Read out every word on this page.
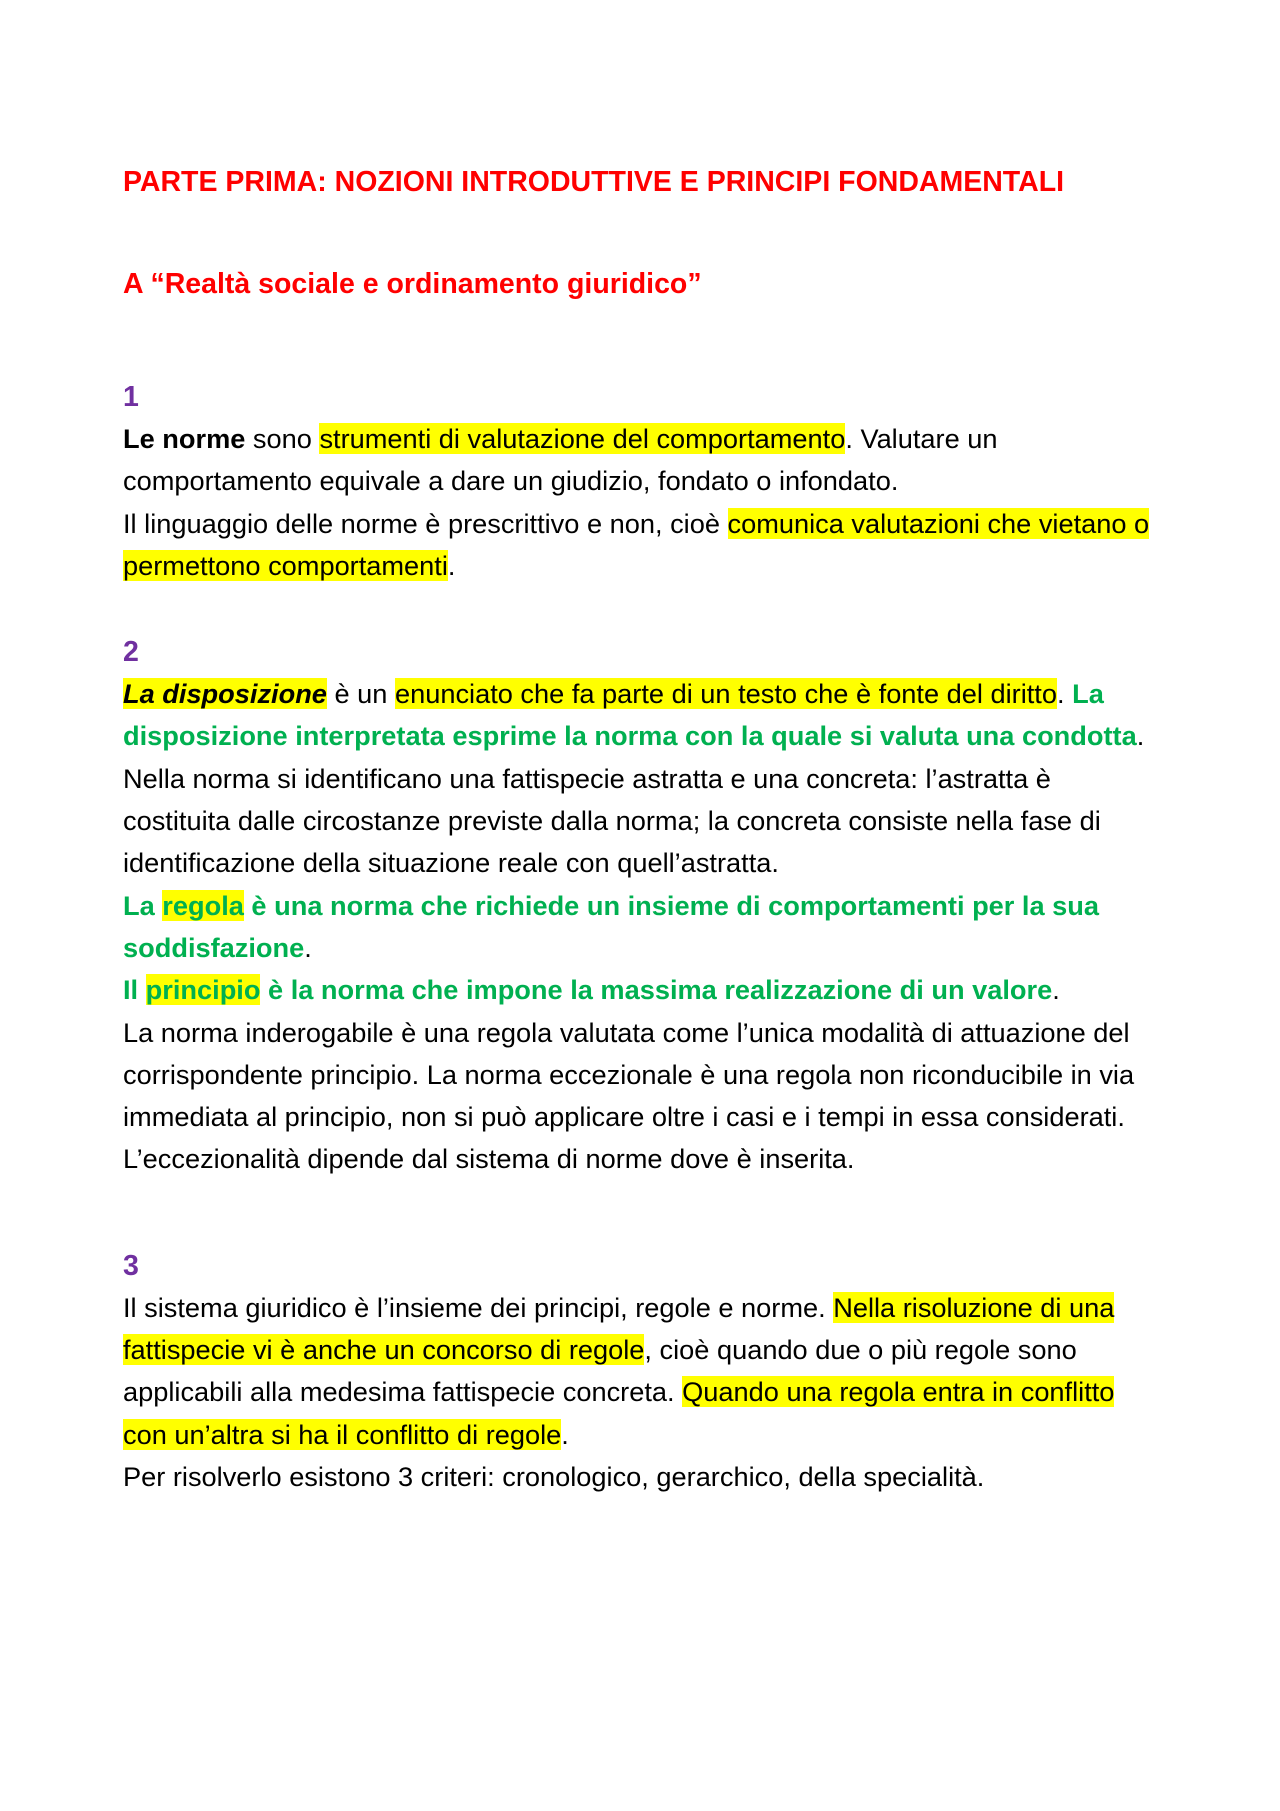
PARTE PRIMA: NOZIONI INTRODUTTIVE E PRINCIPI FONDAMENTALI
A “Realtà sociale e ordinamento giuridico”
1

Le norme sono strumenti di valutazione del comportamento. Valutare un comportamento equivale a dare un giudizio, fondato o infondato.

Il linguaggio delle norme è prescrittivo e non, cioè comunica valutazioni che vietano o permettono comportamenti.

2

La disposizione è un enunciato che fa parte di un testo che è fonte del diritto. La disposizione interpretata esprime la norma con la quale si valuta una condotta. Nella norma si identificano una fattispecie astratta e una concreta: l’astratta è costituita dalle circostanze previste dalla norma; la concreta consiste nella fase di identificazione della situazione reale con quell’astratta.

La regola è una norma che richiede un insieme di comportamenti per la sua soddisfazione.

Il principio è la norma che impone la massima realizzazione di un valore.

La norma inderogabile è una regola valutata come l’unica modalità di attuazione del corrispondente principio. La norma eccezionale è una regola non riconducibile in via immediata al principio, non si può applicare oltre i casi e i tempi in essa considerati. L’eccezionalità dipende dal sistema di norme dove è inserita.

3

Il sistema giuridico è l’insieme dei principi, regole e norme. Nella risoluzione di una fattispecie vi è anche un concorso di regole, cioè quando due o più regole sono applicabili alla medesima fattispecie concreta. Quando una regola entra in conflitto con un’altra si ha il conflitto di regole.

Per risolverlo esistono 3 criteri: cronologico, gerarchico, della specialità.
